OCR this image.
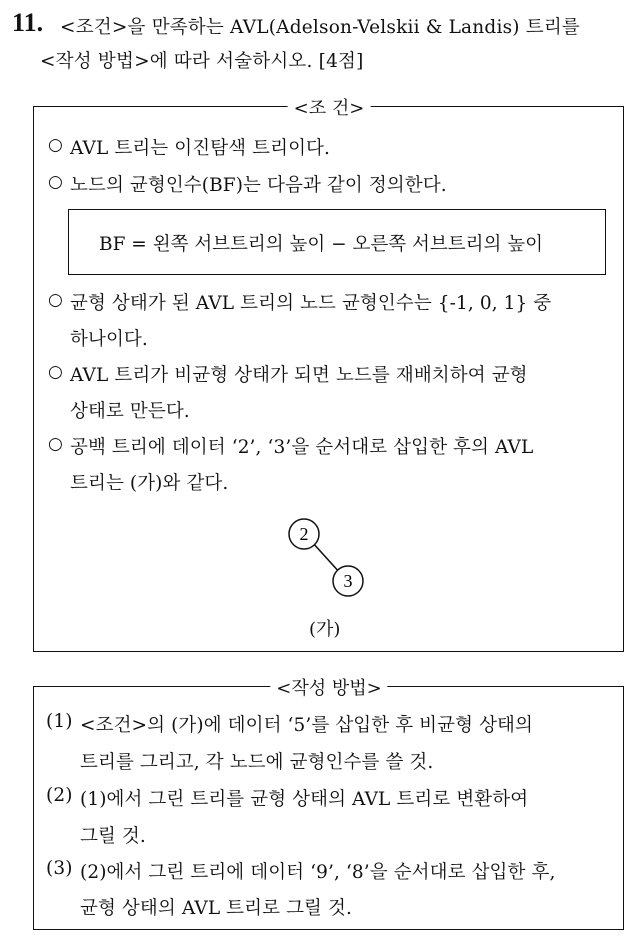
11. <조건>을 만족하는 AVL(Adelson-Velskii & Landis) 트리를
<작성 방법>에 따라 서술하시오. [4점]
<조 건>
○ AVL 트리는 이진탐색 트리이다.
○ 노드의 균형인수(BF)는 다음과 같이 정의한다.
BF = 왼쪽 서브트리의 높이 − 오른쪽 서브트리의 높이
○ 균형 상태가 된 AVL 트리의 노드 균형인수는 {-1, 0, 1} 중
하나이다.
○ AVL 트리가 비균형 상태가 되면 노드를 재배치하여 균형
상태로 만든다.
○ 공백 트리에 데이터 ‘2’, ‘3’을 순서대로 삽입한 후의 AVL
트리는 (가)와 같다.
2
3
(가)
<작성 방법>
(1) <조건>의 (가)에 데이터 ‘5’를 삽입한 후 비균형 상태의
트리를 그리고, 각 노드에 균형인수를 쓸 것.
(2) (1)에서 그린 트리를 균형 상태의 AVL 트리로 변환하여
그릴 것.
(3) (2)에서 그린 트리에 데이터 ‘9’, ‘8’을 순서대로 삽입한 후,
균형 상태의 AVL 트리로 그릴 것.
